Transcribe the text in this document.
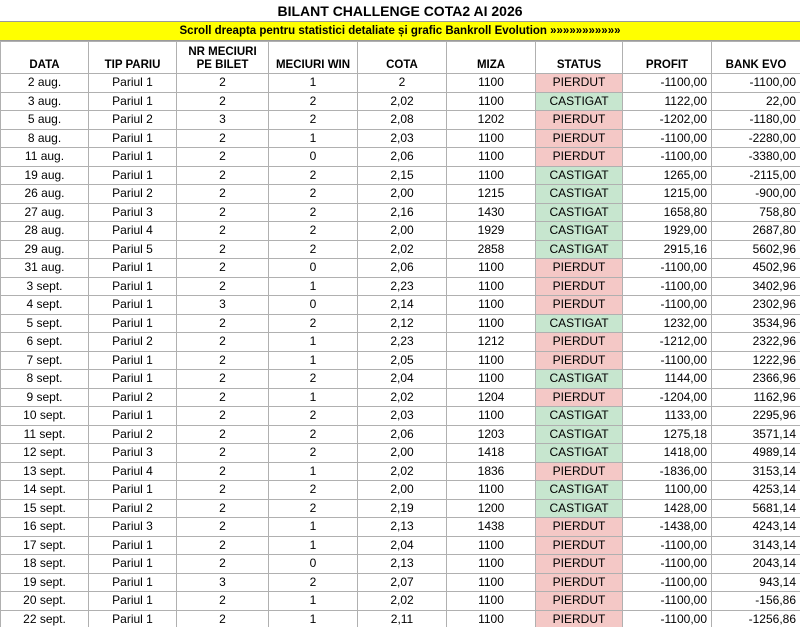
BILANT CHALLENGE COTA2 AI 2026
Scroll dreapta pentru statistici detaliate și grafic Bankroll Evolution »»»»»»»»»»»
DATA	TIP PARIU	NR MECIURI
PE BILET	MECIURI WIN	COTA	MIZA	STATUS	PROFIT	BANK EVO
2 aug.	Pariul 1	2	1	2	1100	PIERDUT	-1100,00	-1100,00
3 aug.	Pariul 1	2	2	2,02	1100	CASTIGAT	1122,00	22,00
5 aug.	Pariul 2	3	2	2,08	1202	PIERDUT	-1202,00	-1180,00
8 aug.	Pariul 1	2	1	2,03	1100	PIERDUT	-1100,00	-2280,00
11 aug.	Pariul 1	2	0	2,06	1100	PIERDUT	-1100,00	-3380,00
19 aug.	Pariul 1	2	2	2,15	1100	CASTIGAT	1265,00	-2115,00
26 aug.	Pariul 2	2	2	2,00	1215	CASTIGAT	1215,00	-900,00
27 aug.	Pariul 3	2	2	2,16	1430	CASTIGAT	1658,80	758,80
28 aug.	Pariul 4	2	2	2,00	1929	CASTIGAT	1929,00	2687,80
29 aug.	Pariul 5	2	2	2,02	2858	CASTIGAT	2915,16	5602,96
31 aug.	Pariul 1	2	0	2,06	1100	PIERDUT	-1100,00	4502,96
3 sept.	Pariul 1	2	1	2,23	1100	PIERDUT	-1100,00	3402,96
4 sept.	Pariul 1	3	0	2,14	1100	PIERDUT	-1100,00	2302,96
5 sept.	Pariul 1	2	2	2,12	1100	CASTIGAT	1232,00	3534,96
6 sept.	Pariul 2	2	1	2,23	1212	PIERDUT	-1212,00	2322,96
7 sept.	Pariul 1	2	1	2,05	1100	PIERDUT	-1100,00	1222,96
8 sept.	Pariul 1	2	2	2,04	1100	CASTIGAT	1144,00	2366,96
9 sept.	Pariul 2	2	1	2,02	1204	PIERDUT	-1204,00	1162,96
10 sept.	Pariul 1	2	2	2,03	1100	CASTIGAT	1133,00	2295,96
11 sept.	Pariul 2	2	2	2,06	1203	CASTIGAT	1275,18	3571,14
12 sept.	Pariul 3	2	2	2,00	1418	CASTIGAT	1418,00	4989,14
13 sept.	Pariul 4	2	1	2,02	1836	PIERDUT	-1836,00	3153,14
14 sept.	Pariul 1	2	2	2,00	1100	CASTIGAT	1100,00	4253,14
15 sept.	Pariul 2	2	2	2,19	1200	CASTIGAT	1428,00	5681,14
16 sept.	Pariul 3	2	1	2,13	1438	PIERDUT	-1438,00	4243,14
17 sept.	Pariul 1	2	1	2,04	1100	PIERDUT	-1100,00	3143,14
18 sept.	Pariul 1	2	0	2,13	1100	PIERDUT	-1100,00	2043,14
19 sept.	Pariul 1	3	2	2,07	1100	PIERDUT	-1100,00	943,14
20 sept.	Pariul 1	2	1	2,02	1100	PIERDUT	-1100,00	-156,86
22 sept.	Pariul 1	2	1	2,11	1100	PIERDUT	-1100,00	-1256,86
